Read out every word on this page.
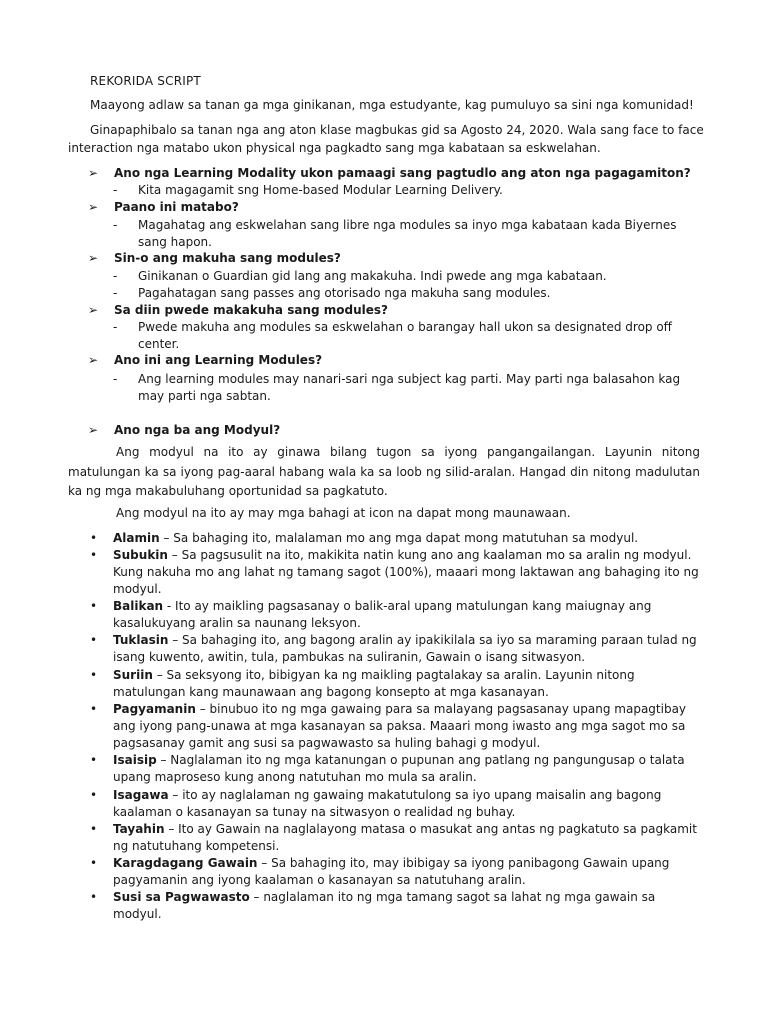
REKORIDA SCRIPT

Maayong adlaw sa tanan ga mga ginikanan, mga estudyante, kag pumuluyo sa sini nga komunidad!

Ginapaphibalo sa tanan nga ang aton klase magbukas gid sa Agosto 24, 2020. Wala sang face to face interaction nga matabo ukon physical nga pagkadto sang mga kabataan sa eskwelahan.

➢ Ano nga Learning Modality ukon pamaagi sang pagtudlo ang aton nga pagagamiton?
- Kita magagamit sng Home-based Modular Learning Delivery.
➢ Paano ini matabo?
- Magahatag ang eskwelahan sang libre nga modules sa inyo mga kabataan kada Biyernes sang hapon.
➢ Sin-o ang makuha sang modules?
- Ginikanan o Guardian gid lang ang makakuha. Indi pwede ang mga kabataan.
- Pagahatagan sang passes ang otorisado nga makuha sang modules.
➢ Sa diin pwede makakuha sang modules?
- Pwede makuha ang modules sa eskwelahan o barangay hall ukon sa designated drop off center.
➢ Ano ini ang Learning Modules?
- Ang learning modules may nanari-sari nga subject kag parti. May parti nga balasahon kag may parti nga sabtan.
➢ Ano nga ba ang Modyul?

Ang modyul na ito ay ginawa bilang tugon sa iyong pangangailangan. Layunin nitong matulungan ka sa iyong pag-aaral habang wala ka sa loob ng silid-aralan. Hangad din nitong madulutan ka ng mga makabuluhang oportunidad sa pagkatuto.

Ang modyul na ito ay may mga bahagi at icon na dapat mong maunawaan.
• Alamin – Sa bahaging ito, malalaman mo ang mga dapat mong matutuhan sa modyul.
• Subukin – Sa pagsusulit na ito, makikita natin kung ano ang kaalaman mo sa aralin ng modyul. Kung nakuha mo ang lahat ng tamang sagot (100%), maaari mong laktawan ang bahaging ito ng modyul.
• Balikan - Ito ay maikling pagsasanay o balik-aral upang matulungan kang maiugnay ang kasalukuyang aralin sa naunang leksyon.
• Tuklasin – Sa bahaging ito, ang bagong aralin ay ipakikilala sa iyo sa maraming paraan tulad ng isang kuwento, awitin, tula, pambukas na suliranin, Gawain o isang sitwasyon.
• Suriin – Sa seksyong ito, bibigyan ka ng maikling pagtalakay sa aralin. Layunin nitong matulungan kang maunawaan ang bagong konsepto at mga kasanayan.
• Pagyamanin – binubuo ito ng mga gawaing para sa malayang pagsasanay upang mapagtibay ang iyong pang-unawa at mga kasanayan sa paksa. Maaari mong iwasto ang mga sagot mo sa pagsasanay gamit ang susi sa pagwawasto sa huling bahagi g modyul.
• Isaisip – Naglalaman ito ng mga katanungan o pupunan ang patlang ng pangungusap o talata upang maproseso kung anong natutuhan mo mula sa aralin.
• Isagawa – ito ay naglalaman ng gawaing makatutulong sa iyo upang maisalin ang bagong kaalaman o kasanayan sa tunay na sitwasyon o realidad ng buhay.
• Tayahin – Ito ay Gawain na naglalayong matasa o masukat ang antas ng pagkatuto sa pagkamit ng natutuhang kompetensi.
• Karagdagang Gawain – Sa bahaging ito, may ibibigay sa iyong panibagong Gawain upang pagyamanin ang iyong kaalaman o kasanayan sa natutuhang aralin.
• Susi sa Pagwawasto – naglalaman ito ng mga tamang sagot sa lahat ng mga gawain sa modyul.
